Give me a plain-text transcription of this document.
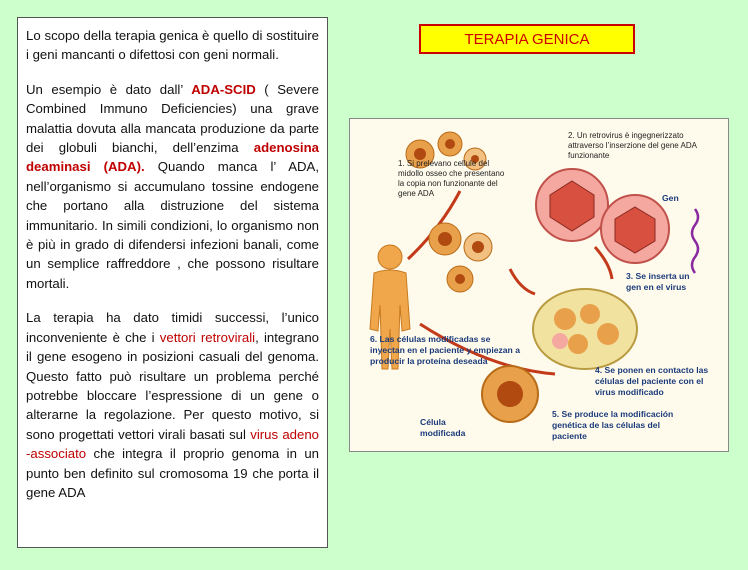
Lo scopo della terapia genica è quello di sostituire i geni mancanti o difettosi con geni normali.

Un esempio è dato dall’ ADA-SCID ( Severe Combined Immuno Deficiencies) una grave malattia dovuta alla mancata produzione da parte dei globuli bianchi, dell’enzima adenosina deaminasi (ADA). Quando manca l’ ADA, nell’organismo si accumulano tossine endogene che portano alla distruzione del sistema immunitario. In simili condizioni, lo organismo non è più in grado di difendersi infezioni banali, come un semplice raffreddore , che possono risultare mortali.

La terapia ha dato timidi successi, l’unico inconveniente è che i vettori retrovirali, integrano il gene esogeno in posizioni casuali del genoma. Questo fatto può risultare un problema perché potrebbe bloccare l’espressione di un gene o alterarne la regolazione. Per questo motivo, si sono progettati vettori virali basati sul virus adeno -associato che integra il proprio genoma in un punto ben definito sul cromosoma 19 che porta il gene ADA

TERAPIA GENICA
1. Si prelevano cellule del midollo osseo che presentano la copia non funzionante del gene ADA
2. Un retrovirus è ingegnerizzato attraverso l’inserzione del gene ADA funzionante
Gen
3. Se inserta un gen en el virus
4. Se ponen en contacto las células del paciente con el virus modificado
5. Se produce la modificación genética de las células del paciente
6. Las células modificadas se inyectan en el paciente y empiezan a producir la proteína deseada
Célula modificada
